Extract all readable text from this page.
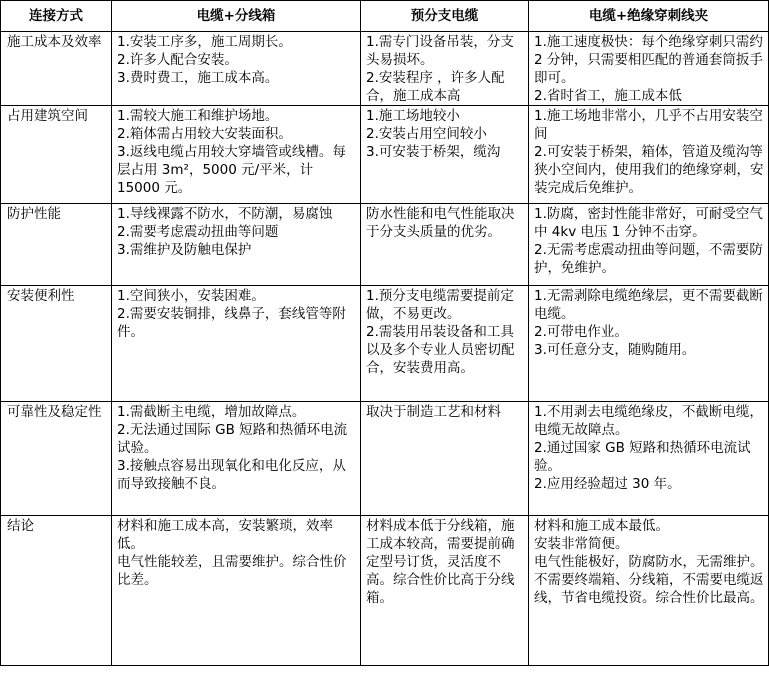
连接方式	电缆+分线箱	预分支电缆	电缆+绝缘穿刺线夹
施工成本及效率	1.安装工序多，施工周期长。
2.许多人配合安装。
3.费时费工，施工成本高。	1.需专门设备吊装，分支头易损坏。
2.安装程序 ，许多人配合，施工成本高	1.施工速度极快：每个绝缘穿刺只需约 2 分钟，只需要相匹配的普通套筒扳手即可。
2.省时省工，施工成本低

占用建筑空间	1.需较大施工和维护场地。
2.箱体需占用较大安装面积。
3.返线电缆占用较大穿墙管或线槽。每层占用 3m²，5000 元/平米，计 15000 元。	1.施工场地较小
2.安装占用空间较小
3.可安装于桥架，缆沟	1.施工场地非常小，几乎不占用安装空间
2.可安装于桥架，箱体，管道及缆沟等狭小空间内，使用我们的绝缘穿刺，安装完成后免维护。

防护性能	1.导线裸露不防水，不防潮，易腐蚀
2.需要考虑震动扭曲等问题
3.需维护及防触电保护	防水性能和电气性能取决于分支头质量的优劣。	1.防腐，密封性能非常好，可耐受空气中 4kv 电压 1 分钟不击穿。
2.无需考虑震动扭曲等问题，不需要防护，免维护。

安装便利性	1.空间狭小，安装困难。
2.需要安装铜排，线鼻子，套线管等附件。	1.预分支电缆需要提前定做，不易更改。
2.需装用吊装设备和工具以及多个专业人员密切配合，安装费用高。	1.无需剥除电缆绝缘层，更不需要截断电缆。
2.可带电作业。
3.可任意分支，随购随用。

可靠性及稳定性	1.需截断主电缆，增加故障点。
2.无法通过国际 GB 短路和热循环电流试验。
3.接触点容易出现氧化和电化反应，从而导致接触不良。	取决于制造工艺和材料	1.不用剥去电缆绝缘皮，不截断电缆，电缆无故障点。
2.通过国家 GB 短路和热循环电流试验。
2.应用经验超过 30 年。

结论	材料和施工成本高，安装繁琐，效率低。
电气性能较差，且需要维护。综合性价比差。	材料成本低于分线箱，施工成本较高，需要提前确定型号订货，灵活度不高。综合性价比高于分线箱。	材料和施工成本最低。
安装非常简便。
电气性能极好，防腐防水，无需维护。
不需要终端箱、分线箱，不需要电缆返线，节省电缆投资。综合性价比最高。
